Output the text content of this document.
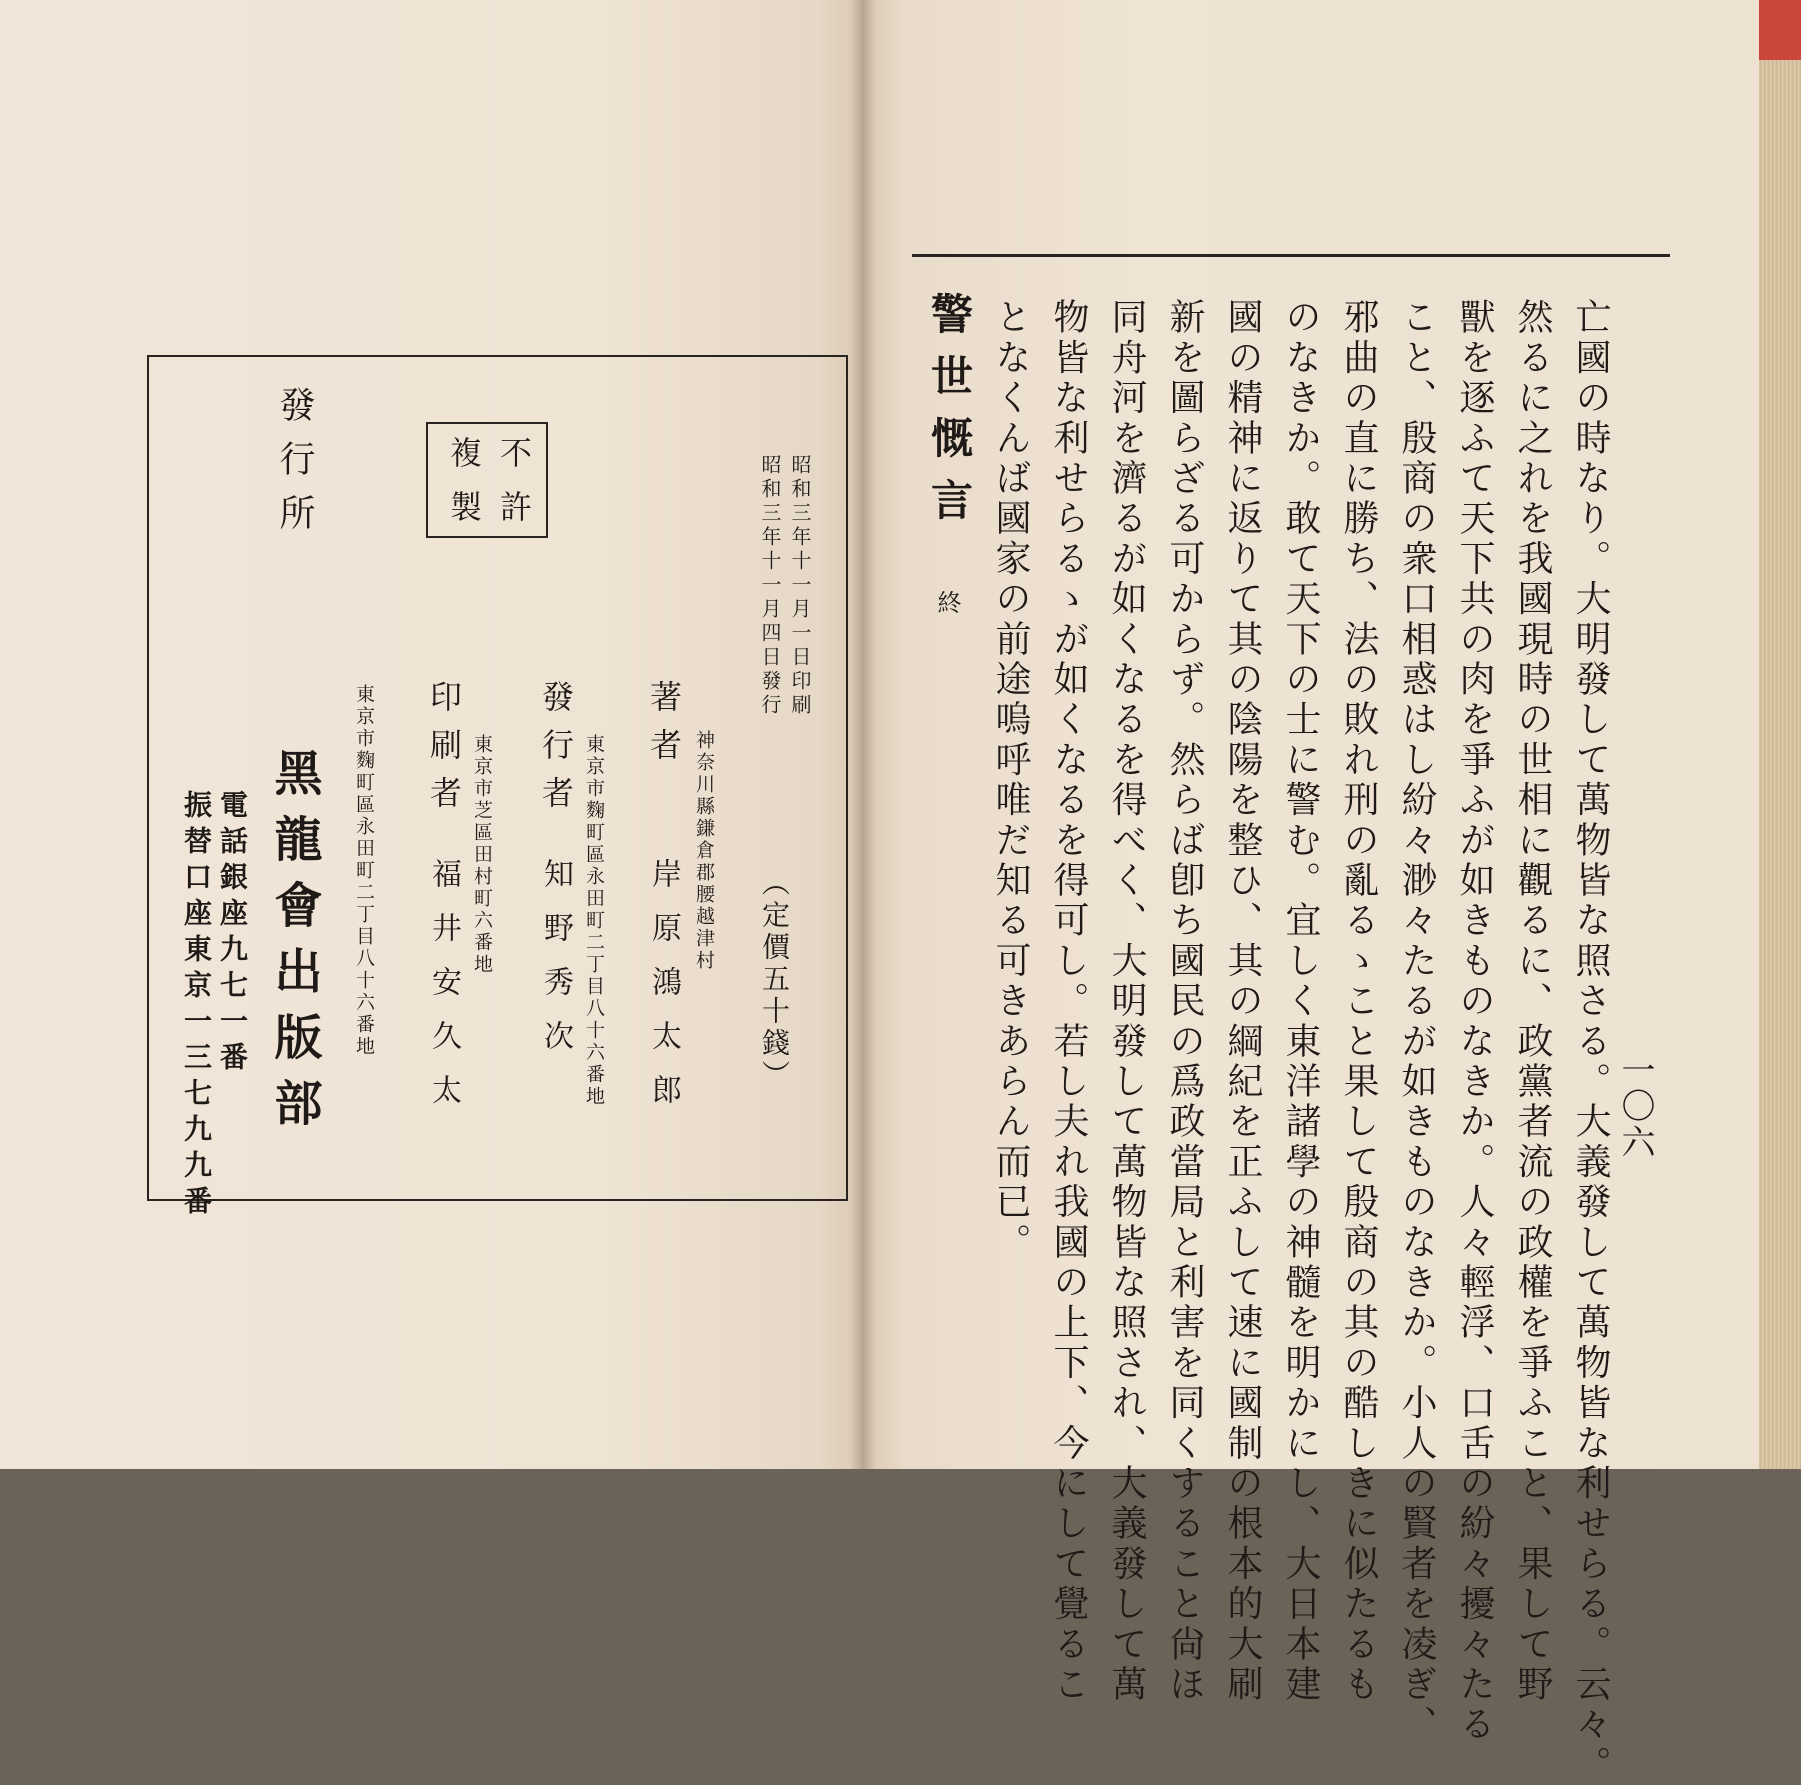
一〇六
亡國の時なり。大明發して萬物皆な照さる。大義發して萬物皆な利せらる。云々。
然るに之れを我國現時の世相に觀るに、政黨者流の政權を爭ふこと、果して野
獸を逐ふて天下共の肉を爭ふが如きものなきか。人々輕浮、口舌の紛々擾々たる
こと、殷商の衆口相惑はし紛々渺々たるが如きものなきか。小人の賢者を凌ぎ、
邪曲の直に勝ち、法の敗れ刑の亂るゝこと果して殷商の其の酷しきに似たるも
のなきか。敢て天下の士に警む。宜しく東洋諸學の神髓を明かにし、大日本建
國の精神に返りて其の陰陽を整ひ、其の綱紀を正ふして速に國制の根本的大刷
新を圖らざる可からず。然らば卽ち國民の爲政當局と利害を同くすること尙ほ
同舟河を濟るが如くなるを得べく、大明發して萬物皆な照され、大義發して萬
物皆な利せらるゝが如くなるを得可し。若し夫れ我國の上下、今にして覺るこ
となくんば國家の前途嗚呼唯だ知る可きあらん而已。
警世慨言
終
昭和三年十一月一日印刷
昭和三年十一月四日發行
（定價五十錢）
不許
複製
神奈川縣鎌倉郡腰越津村
著者
岸原鴻太郎
東京市麴町區永田町二丁目八十六番地
發行者
知野秀次
東京市芝區田村町六番地
印刷者
福井安久太
東京市麴町區永田町二丁目八十六番地
發行所
黑龍會出版部
電話銀座九七一番
振替口座東京一三七九九番
